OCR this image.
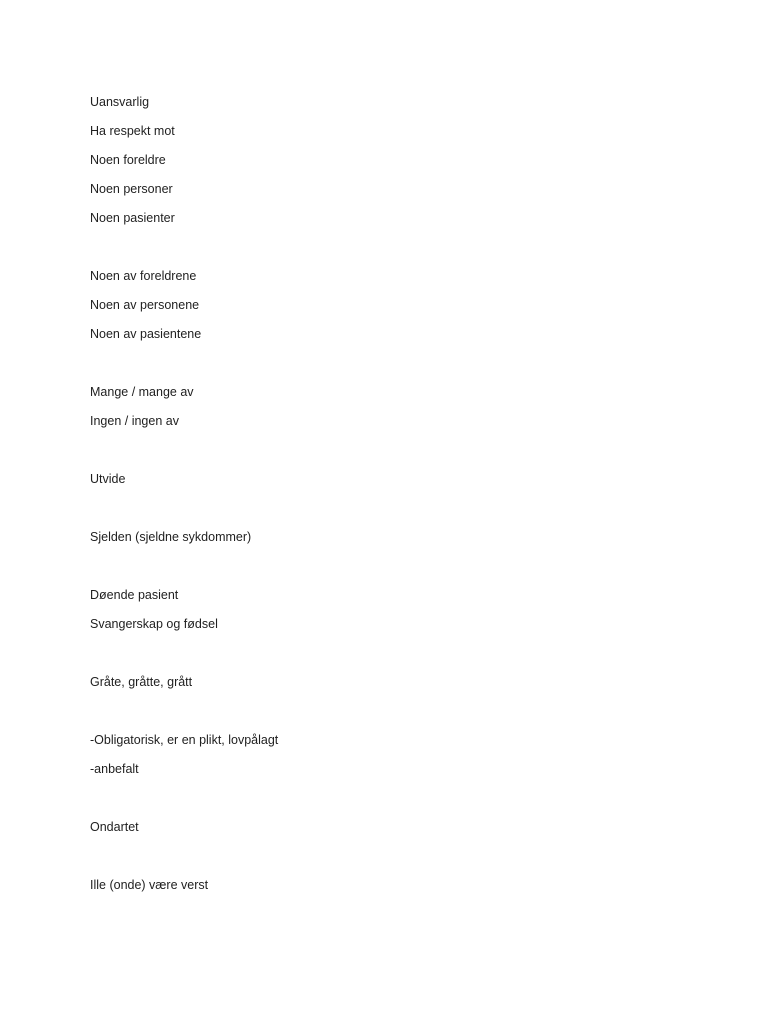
Uansvarlig
Ha respekt mot
Noen foreldre
Noen personer
Noen pasienter
Noen av foreldrene
Noen av personene
Noen av pasientene
Mange / mange av
Ingen / ingen av
Utvide
Sjelden (sjeldne sykdommer)
Døende pasient
Svangerskap og fødsel
Gråte, gråtte, grått
-Obligatorisk, er en plikt, lovpålagt
-anbefalt
Ondartet
Ille (onde) være verst
